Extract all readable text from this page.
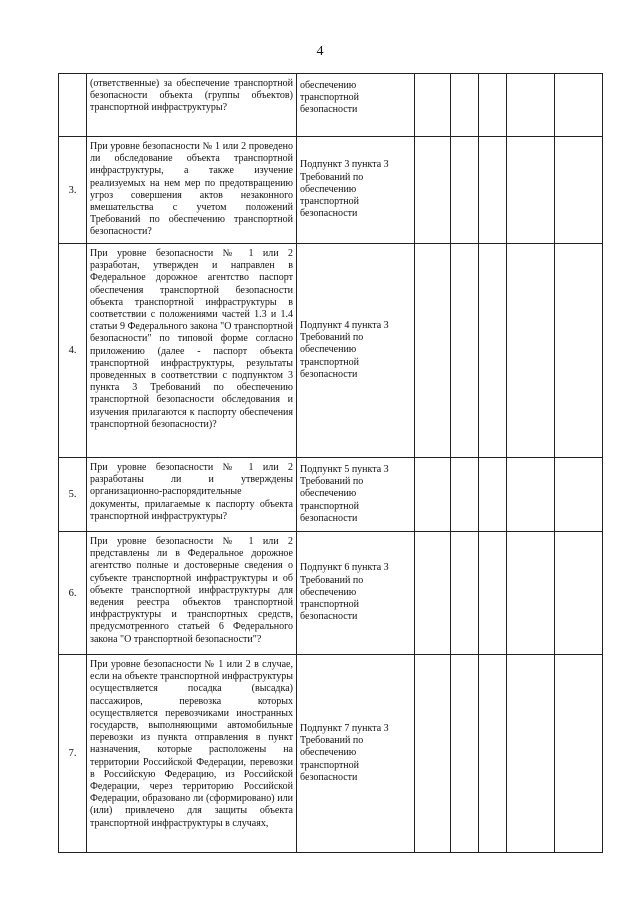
4

	(ответственные) за обеспечение транспортной безопасности объекта (группы объектов) транспортной инфраструктуры?	обеспечению транспортной безопасности					
3.	При уровне безопасности № 1 или 2 проведено ли обследование объекта транспортной инфраструктуры, а также изучение реализуемых на нем мер по предотвращению угроз совершения актов незаконного вмешательства с учетом положений Требований по обеспечению транспортной безопасности?	Подпункт 3 пункта 3 Требований по обеспечению транспортной безопасности					
4.	При уровне безопасности № 1 или 2 разработан, утвержден и направлен в Федеральное дорожное агентство паспорт обеспечения транспортной безопасности объекта транспортной инфраструктуры в соответствии с положениями частей 1.3 и 1.4 статьи 9 Федерального закона "О транспортной безопасности" по типовой форме согласно приложению (далее - паспорт объекта транспортной инфраструктуры, результаты проведенных в соответствии с подпунктом 3 пункта 3 Требований по обеспечению транспортной безопасности обследования и изучения прилагаются к паспорту обеспечения транспортной безопасности)?	Подпункт 4 пункта 3 Требований по обеспечению транспортной безопасности					
5.	При уровне безопасности № 1 или 2 разработаны ли и утверждены организационно-распорядительные документы, прилагаемые к паспорту объекта транспортной инфраструктуры?	Подпункт 5 пункта 3 Требований по обеспечению транспортной безопасности					
6.	При уровне безопасности № 1 или 2 представлены ли в Федеральное дорожное агентство полные и достоверные сведения о субъекте транспортной инфраструктуры и об объекте транспортной инфраструктуры для ведения реестра объектов транспортной инфраструктуры и транспортных средств, предусмотренного статьей 6 Федерального закона "О транспортной безопасности"?	Подпункт 6 пункта 3 Требований по обеспечению транспортной безопасности					
7.	При уровне безопасности № 1 или 2 в случае, если на объекте транспортной инфраструктуры осуществляется посадка (высадка) пассажиров, перевозка которых осуществляется перевозчиками иностранных государств, выполняющими автомобильные перевозки из пункта отправления в пункт назначения, которые расположены на территории Российской Федерации, перевозки в Российскую Федерацию, из Российской Федерации, через территорию Российской Федерации, образовано ли (сформировано) или (или) привлечено для защиты объекта транспортной инфраструктуры в случаях,	Подпункт 7 пункта 3 Требований по обеспечению транспортной безопасности					
